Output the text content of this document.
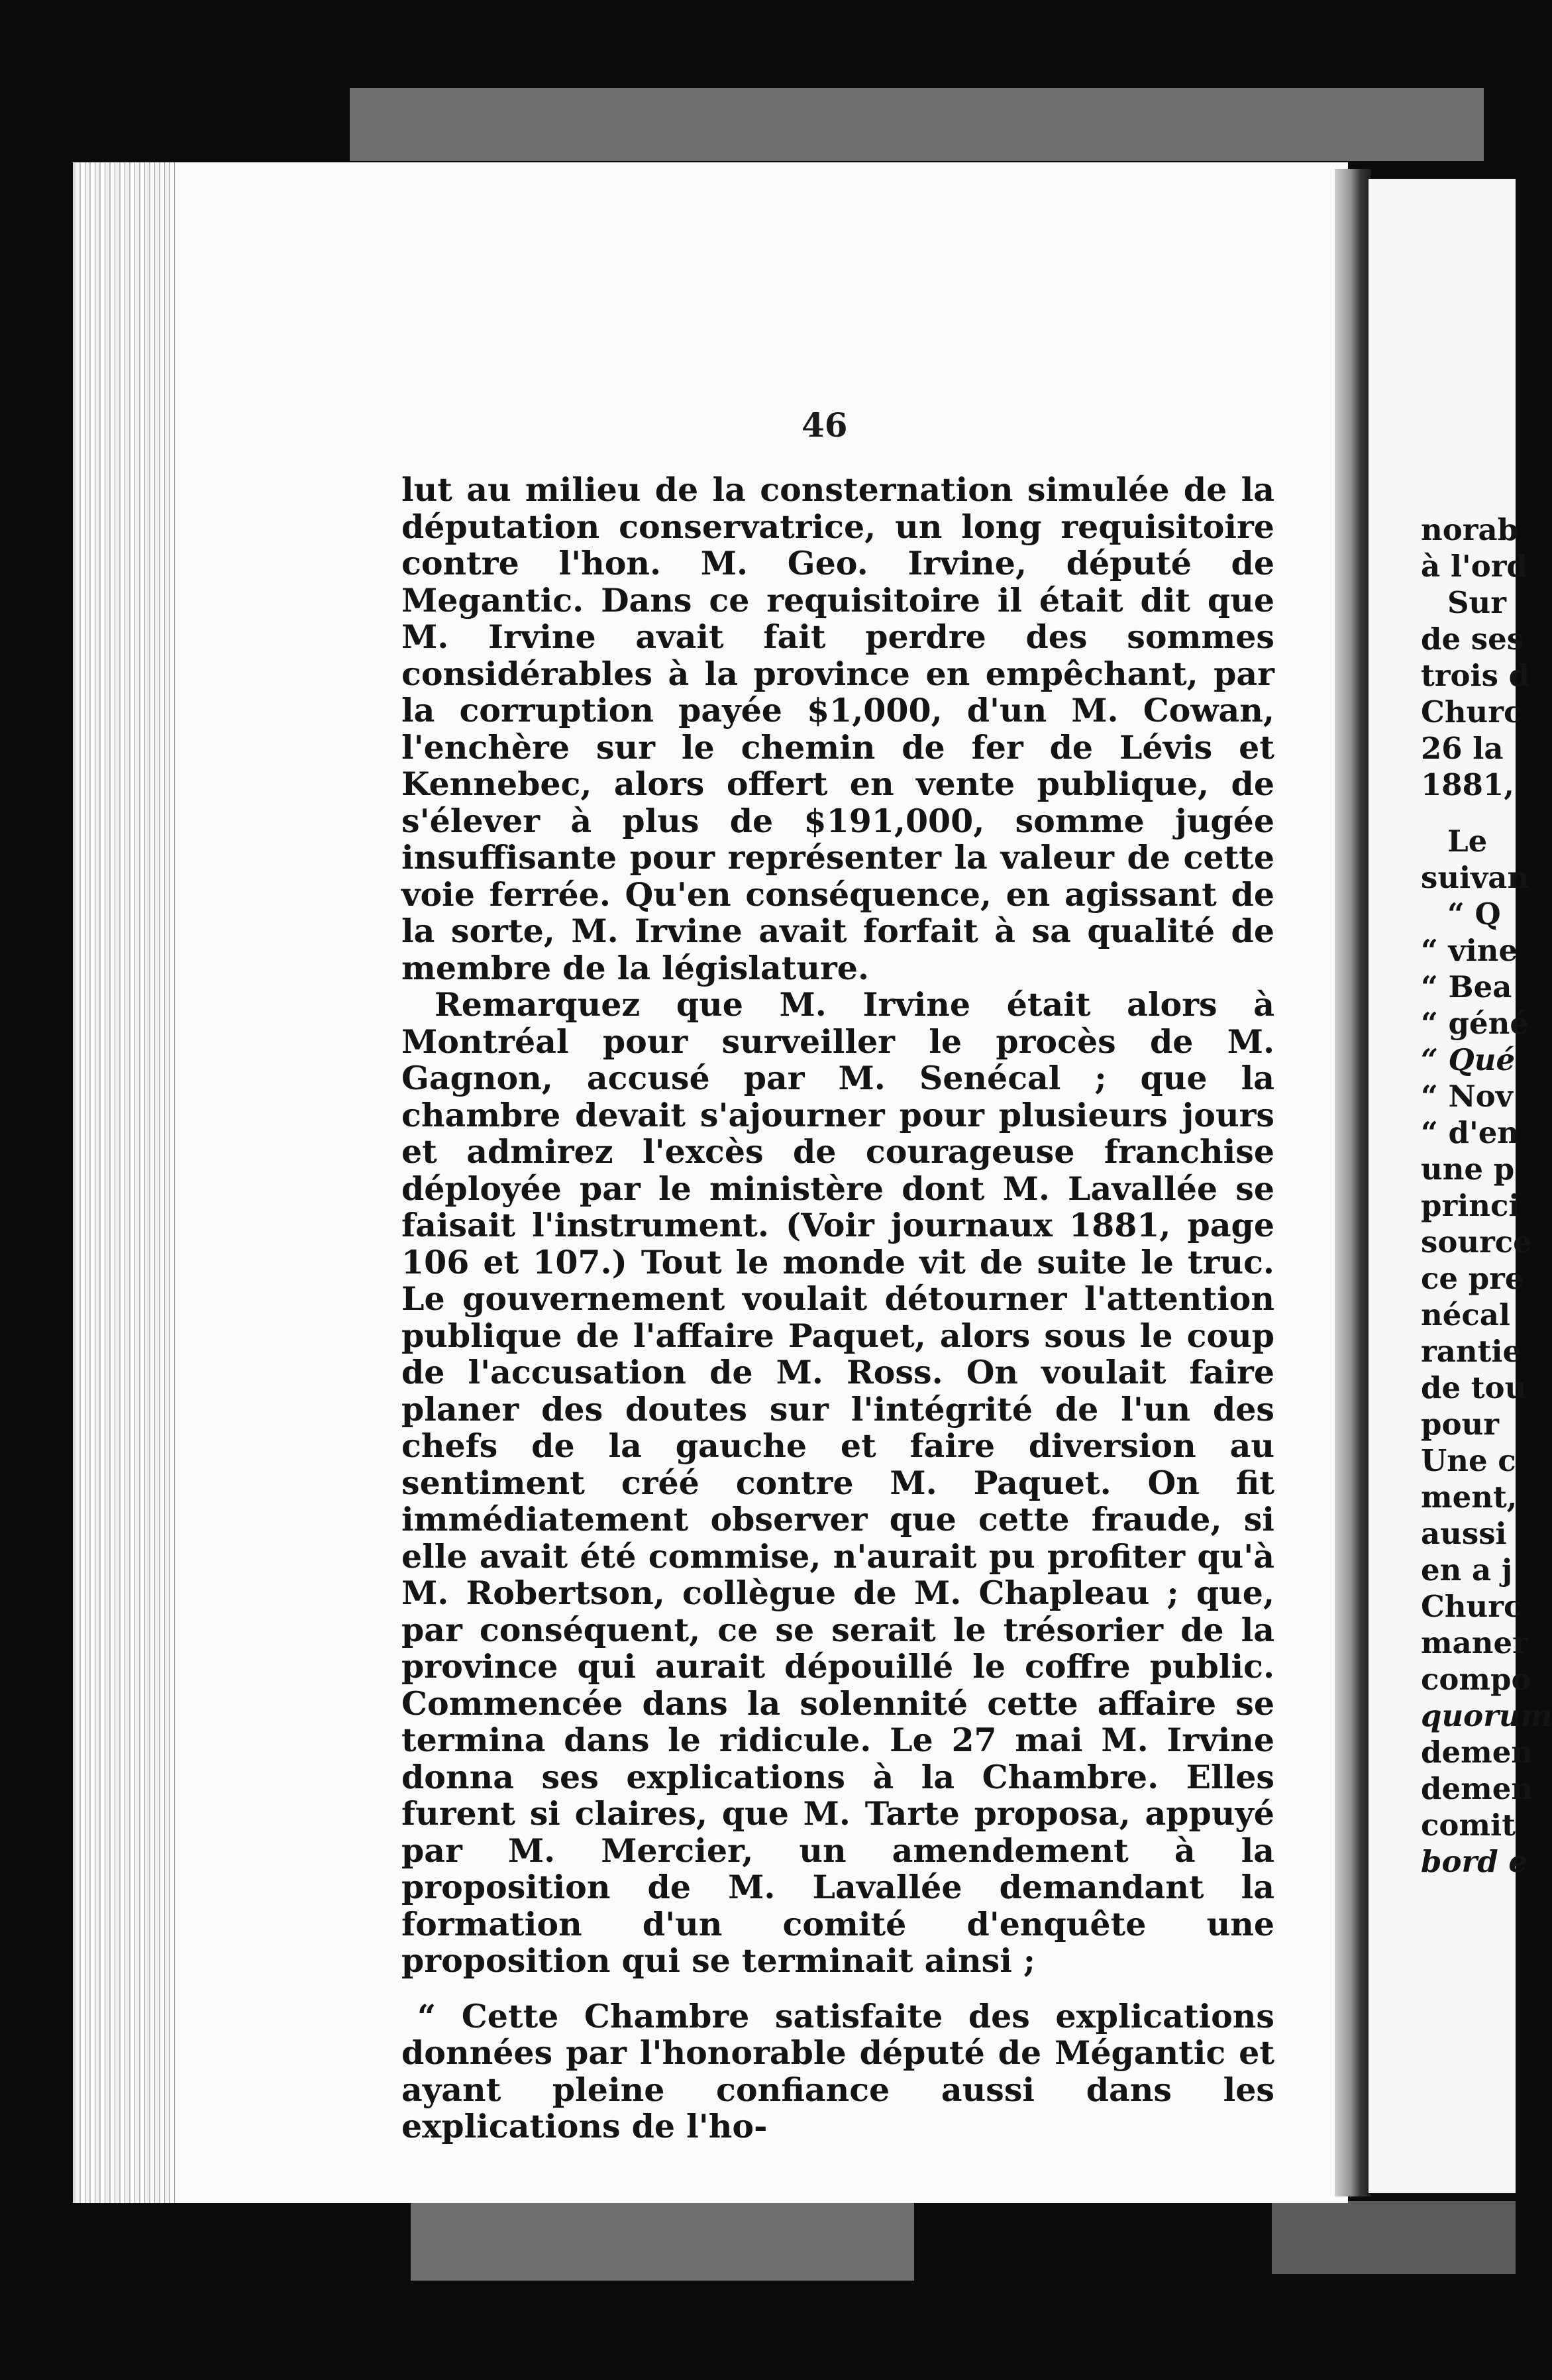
46

lut au milieu de la consternation simulée de la députation conservatrice, un long requisitoire contre l'hon. M. Geo. Irvine, député de Megantic. Dans ce requisitoire il était dit que M. Irvine avait fait perdre des sommes considérables à la province en empêchant, par la corruption payée $1,000, d'un M. Cowan, l'enchère sur le chemin de fer de Lévis et Kennebec, alors offert en vente publique, de s'élever à plus de $191,000, somme jugée insuffisante pour représenter la valeur de cette voie ferrée. Qu'en conséquence, en agissant de la sorte, M. Irvine avait forfait à sa qualité de membre de la législature.

Remarquez que M. Irvine était alors à Montréal pour surveiller le procès de M. Gagnon, accusé par M. Senécal ; que la chambre devait s'ajourner pour plusieurs jours et admirez l'excès de courageuse franchise déployée par le ministère dont M. Lavallée se faisait l'instrument. (Voir journaux 1881, page 106 et 107.) Tout le monde vit de suite le truc. Le gouvernement voulait détourner l'attention publique de l'affaire Paquet, alors sous le coup de l'accusation de M. Ross. On voulait faire planer des doutes sur l'intégrité de l'un des chefs de la gauche et faire diversion au sentiment créé contre M. Paquet. On fit immédiatement observer que cette fraude, si elle avait été commise, n'aurait pu profiter qu'à M. Robertson, collègue de M. Chapleau ; que, par conséquent, ce se serait le trésorier de la province qui aurait dépouillé le coffre public. Commencée dans la solennité cette affaire se termina dans le ridicule. Le 27 mai M. Irvine donna ses explications à la Chambre. Elles furent si claires, que M. Tarte proposa, appuyé par M. Mercier, un amendement à la proposition de M. Lavallée demandant la formation d'un comité d'enquête une proposition qui se terminait ainsi ;

“ Cette Chambre satisfaite des explications données par l'honorable député de Mégantic et ayant pleine confiance aussi dans les explications de l'ho-

norab
à l'ord
Sur
de ses
trois d
Churc
26 la
1881,
Le
suivan
“ Q
“ vine
“ Bea
“ géné
“ Qué
“ Nov
“ d'en
une p
princi
source
ce pre
nécal
rantie
de tou
pour
Une c
ment,
aussi
en a j
Churc
maner
compo
quorum
demen
demen
comit
bord e
